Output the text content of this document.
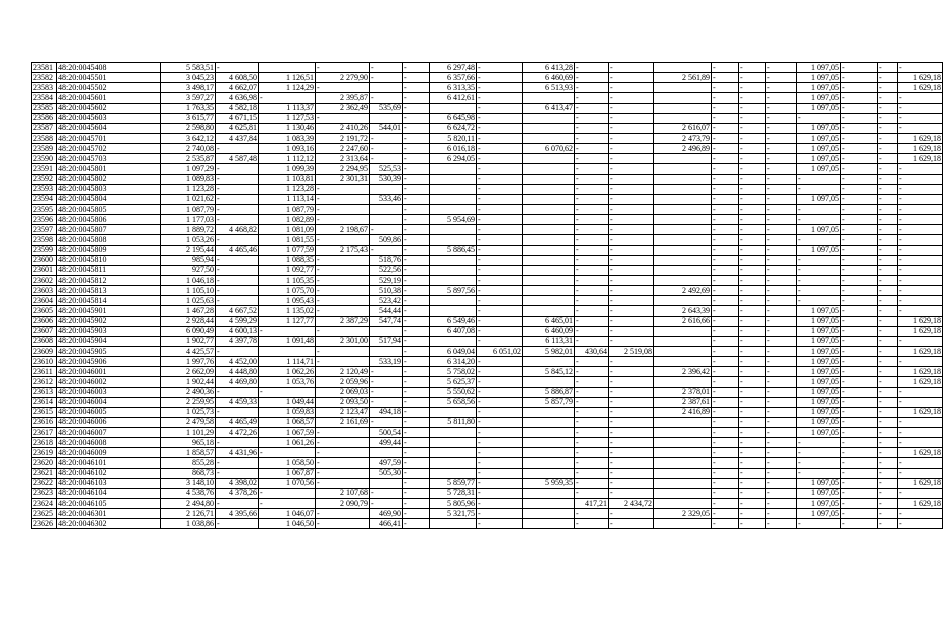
23581	48:20:0045408	5 583,51	-		-	-	-	6 297,48	-	6 413,28	-	-		-	-	-	1 097,05	-	-	-
23582	48:20:0045501	3 045,23	4 608,50	1 126,51	2 279,90	-	-	6 357,66	-	6 460,69	-	-	2 561,89	-	-	-	1 097,05	-	-	1 629,18
23583	48:20:0045502	3 498,17	4 662,07	1 124,29	-		-	6 313,35	-	6 513,93	-	-		-	-	-	1 097,05	-	-	1 629,18
23584	48:20:0045601	3 597,27	4 636,98	-	2 395,87	-	-	6 412,61	-		-	-		-	-	-	1 097,05	-	-	-
23585	48:20:0045602	1 763,35	4 582,18	1 113,37	2 362,49	535,69	-		-	6 413,47	-	-		-	-	-	1 097,05	-	-	-
23586	48:20:0045603	3 615,77	4 671,15	1 127,53	-		-	6 645,98	-		-	-		-	-	-	-	-	-	-
23587	48:20:0045604	2 598,80	4 625,81	1 130,46	2 410,26	544,01	-	6 624,72	-		-	-	2 616,07	-	-	-	1 097,05	-	-	-
23588	48:20:0045701	3 642,12	4 437,84	1 083,39	2 191,72	-	-	5 820,11	-		-	-	2 473,79	-	-	-	1 097,05	-	-	1 629,18
23589	48:20:0045702	2 740,08	-	1 093,16	2 247,60	-	-	6 016,18	-	6 070,62	-	-	2 496,89	-	-	-	1 097,05	-	-	1 629,18
23590	48:20:0045703	2 535,87	4 587,48	1 112,12	2 313,64	-	-	6 294,05	-		-	-		-	-	-	1 097,05	-	-	1 629,18
23591	48:20:0045801	1 097,29	-	1 099,39	2 294,95	525,53	-		-		-	-		-	-	-	1 097,05	-	-	-
23592	48:20:0045802	1 089,83	-	1 103,81	2 301,31	530,39	-		-		-	-		-	-	-	-	-	-	-
23593	48:20:0045803	1 123,28	-	1 123,28	-		-		-		-	-		-	-	-	-	-	-	-
23594	48:20:0045804	1 021,62	-	1 113,14	-	533,46	-		-		-	-		-	-	-	1 097,05	-	-	-
23595	48:20:0045805	1 087,79	-	1 087,79	-		-		-		-	-		-	-	-	-	-	-	-
23596	48:20:0045806	1 177,03	-	1 082,89	-		-	5 954,69	-		-	-		-	-	-	-	-	-	-
23597	48:20:0045807	1 889,72	4 468,82	1 081,09	2 198,67	-	-		-		-	-		-	-	-	1 097,05	-	-	-
23598	48:20:0045808	1 053,26	-	1 081,55	-	509,86	-		-		-	-		-	-	-	-	-	-	-
23599	48:20:0045809	2 195,44	4 465,46	1 077,59	2 175,43	-	-	5 886,45	-		-	-		-	-	-	1 097,05	-	-	-
23600	48:20:0045810	985,94	-	1 088,35	-	518,76	-		-		-	-		-	-	-	-	-	-	-
23601	48:20:0045811	927,50	-	1 092,77	-	522,56	-		-		-	-		-	-	-	-	-	-	-
23602	48:20:0045812	1 046,18	-	1 105,35	-	529,19	-		-		-	-		-	-	-	-	-	-	-
23603	48:20:0045813	1 105,10	-	1 075,70	-	510,38	-	5 897,56	-		-	-	2 492,69	-	-	-	-	-	-	-
23604	48:20:0045814	1 025,63	-	1 095,43	-	523,42	-		-		-	-		-	-	-	-	-	-	-
23605	48:20:0045901	1 467,28	4 667,52	1 135,02	-	544,44	-		-		-	-	2 643,39	-	-	-	1 097,05	-	-	-
23606	48:20:0045902	2 928,44	4 599,29	1 127,77	2 387,29	547,74	-	6 549,46	-	6 465,01	-	-	2 616,66	-	-	-	1 097,05	-	-	1 629,18
23607	48:20:0045903	6 090,49	4 600,13	-	-		-	6 407,08	-	6 460,09	-	-		-	-	-	1 097,05	-	-	1 629,18
23608	48:20:0045904	1 902,77	4 397,78	1 091,48	2 301,00	517,94	-		-	6 113,31	-	-		-	-	-	1 097,05	-	-	-
23609	48:20:0045905	4 425,57	-		-		-	6 049,04	6 051,02	5 982,01	430,64	2 519,08		-	-	-	1 097,05	-	-	1 629,18
23610	48:20:0045906	1 997,76	4 452,00	1 114,71	-	533,19	-	6 314,20	-		-	-		-	-	-	1 097,05	-	-	-
23611	48:20:0046001	2 662,09	4 448,80	1 062,26	2 120,49	-	-	5 758,02	-	5 845,12	-	-	2 396,42	-	-	-	1 097,05	-	-	1 629,18
23612	48:20:0046002	1 902,44	4 469,80	1 053,76	2 059,96	-	-	5 625,37	-		-	-		-	-	-	1 097,05	-	-	1 629,18
23613	48:20:0046003	2 490,36	-	-	2 069,03	-	-	5 550,62	-	5 886,87	-	-	2 378,01	-	-	-	1 097,05	-	-	-
23614	48:20:0046004	2 259,95	4 459,33	1 049,44	2 093,50	-	-	5 658,56	-	5 857,79	-	-	2 387,61	-	-	-	1 097,05	-	-	-
23615	48:20:0046005	1 025,73	-	1 059,83	2 123,47	494,18	-		-		-	-	2 416,89	-	-	-	1 097,05	-	-	1 629,18
23616	48:20:0046006	2 479,58	4 465,49	1 068,57	2 161,69	-	-	5 811,80	-		-	-		-	-	-	1 097,05	-	-	-
23617	48:20:0046007	1 101,29	4 472,26	1 067,59	-	500,54	-		-		-	-		-	-	-	1 097,05	-	-	-
23618	48:20:0046008	965,18	-	1 061,26	-	499,44	-		-		-	-		-	-	-	-	-	-	-
23619	48:20:0046009	1 858,57	4 431,96	-	-		-		-		-	-		-	-	-	-	-	-	1 629,18
23620	48:20:0046101	855,28	-	1 058,50	-	497,59	-		-		-	-		-	-	-	-	-	-	-
23621	48:20:0046102	868,73	-	1 067,87	-	505,30	-		-		-	-		-	-	-	-	-	-	-
23622	48:20:0046103	3 148,10	4 398,02	1 070,56	-		-	5 859,77	-	5 959,35	-	-		-	-	-	1 097,05	-	-	1 629,18
23623	48:20:0046104	4 538,76	4 378,26	-	2 107,68	-	-	5 728,31	-		-	-		-	-	-	1 097,05	-	-	-
23624	48:20:0046105	2 494,80	-	-	2 090,79	-	-	5 805,96	-		417,21	2 434,72		-	-	-	1 097,05	-	-	1 629,18
23625	48:20:0046301	2 126,71	4 395,66	1 046,07	-	469,90	-	5 321,75	-		-	-	2 329,05	-	-	-	1 097,05	-	-	-
23626	48:20:0046302	1 038,86	-	1 046,50	-	466,41	-		-		-	-		-	-	-	-	-	-	-
